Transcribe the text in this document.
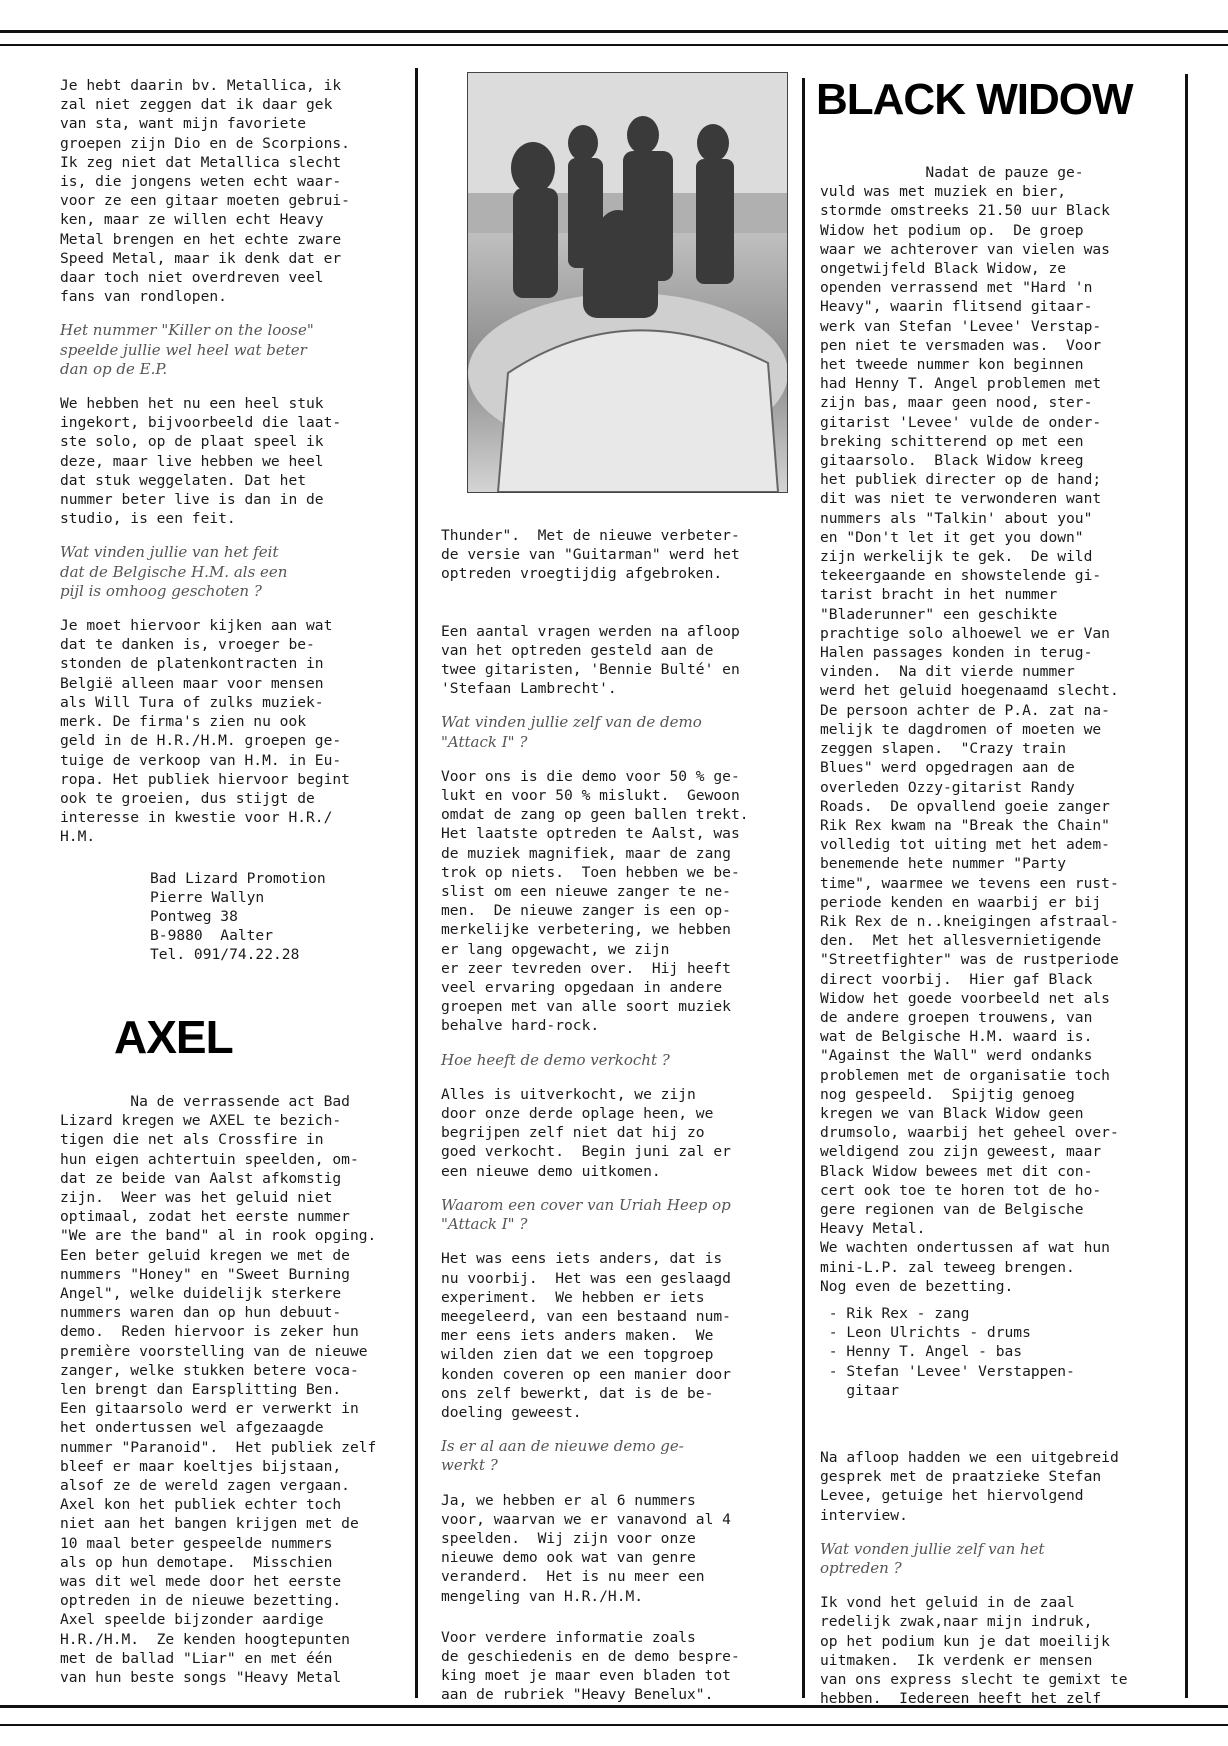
Je hebt daarin bv. Metallica, ik
zal niet zeggen dat ik daar gek
van sta, want mijn favoriete
groepen zijn Dio en de Scorpions.
Ik zeg niet dat Metallica slecht
is, die jongens weten echt waar-
voor ze een gitaar moeten gebrui-
ken, maar ze willen echt Heavy
Metal brengen en het echte zware
Speed Metal, maar ik denk dat er
daar toch niet overdreven veel
fans van rondlopen.

Het nummer "Killer on the loose"
speelde jullie wel heel wat beter
dan op de E.P.

We hebben het nu een heel stuk
ingekort, bijvoorbeeld die laat-
ste solo, op de plaat speel ik
deze, maar live hebben we heel
dat stuk weggelaten. Dat het
nummer beter live is dan in de
studio, is een feit.

Wat vinden jullie van het feit
dat de Belgische H.M. als een
pijl is omhoog geschoten ?

Je moet hiervoor kijken aan wat
dat te danken is, vroeger be-
stonden de platenkontracten in
België alleen maar voor mensen
als Will Tura of zulks muziek-
merk. De firma's zien nu ook
geld in de H.R./H.M. groepen ge-
tuige de verkoop van H.M. in Eu-
ropa. Het publiek hiervoor begint
ook te groeien, dus stijgt de
interesse in kwestie voor H.R./
H.M.

Bad Lizard Promotion

Pierre Wallyn

Pontweg 38

B-9880  Aalter

Tel. 091/74.22.28

AXEL

Na de verrassende act Bad
Lizard kregen we AXEL te bezich-
tigen die net als Crossfire in
hun eigen achtertuin speelden, om-
dat ze beide van Aalst afkomstig
zijn.  Weer was het geluid niet
optimaal, zodat het eerste nummer
"We are the band" al in rook opging.
Een beter geluid kregen we met de
nummers "Honey" en "Sweet Burning
Angel", welke duidelijk sterkere
nummers waren dan op hun debuut-
demo.  Reden hiervoor is zeker hun
première voorstelling van de nieuwe
zanger, welke stukken betere voca-
len brengt dan Earsplitting Ben.
Een gitaarsolo werd er verwerkt in
het ondertussen wel afgezaagde
nummer "Paranoid".  Het publiek zelf
bleef er maar koeltjes bijstaan,
alsof ze de wereld zagen vergaan.
Axel kon het publiek echter toch
niet aan het bangen krijgen met de
10 maal beter gespeelde nummers
als op hun demotape.  Misschien
was dit wel mede door het eerste
optreden in de nieuwe bezetting.
Axel speelde bijzonder aardige
H.R./H.M.  Ze kenden hoogtepunten
met de ballad "Liar" en met één
van hun beste songs "Heavy Metal

Thunder".  Met de nieuwe verbeter-
de versie van "Guitarman" werd het
optreden vroegtijdig afgebroken.

Een aantal vragen werden na afloop
van het optreden gesteld aan de
twee gitaristen, 'Bennie Bulté' en
'Stefaan Lambrecht'.

Wat vinden jullie zelf van de demo
"Attack I" ?

Voor ons is die demo voor 50 % ge-
lukt en voor 50 % mislukt.  Gewoon
omdat de zang op geen ballen trekt.
Het laatste optreden te Aalst, was
de muziek magnifiek, maar de zang
trok op niets.  Toen hebben we be-
slist om een nieuwe zanger te ne-
men.  De nieuwe zanger is een op-
merkelijke verbetering, we hebben
er lang opgewacht, we zijn
er zeer tevreden over.  Hij heeft
veel ervaring opgedaan in andere
groepen met van alle soort muziek
behalve hard-rock.

Hoe heeft de demo verkocht ?

Alles is uitverkocht, we zijn
door onze derde oplage heen, we
begrijpen zelf niet dat hij zo
goed verkocht.  Begin juni zal er
een nieuwe demo uitkomen.

Waarom een cover van Uriah Heep op
"Attack I" ?

Het was eens iets anders, dat is
nu voorbij.  Het was een geslaagd
experiment.  We hebben er iets
meegeleerd, van een bestaand num-
mer eens iets anders maken.  We
wilden zien dat we een topgroep
konden coveren op een manier door
ons zelf bewerkt, dat is de be-
doeling geweest.

Is er al aan de nieuwe demo ge-
werkt ?

Ja, we hebben er al 6 nummers
voor, waarvan we er vanavond al 4
speelden.  Wij zijn voor onze
nieuwe demo ook wat van genre
veranderd.  Het is nu meer een
mengeling van H.R./H.M.

Voor verdere informatie zoals
de geschiedenis en de demo bespre-
king moet je maar even bladen tot
aan de rubriek "Heavy Benelux".

BLACK WIDOW

Nadat de pauze ge-
vuld was met muziek en bier,
stormde omstreeks 21.50 uur Black
Widow het podium op.  De groep
waar we achterover van vielen was
ongetwijfeld Black Widow, ze
openden verrassend met "Hard 'n
Heavy", waarin flitsend gitaar-
werk van Stefan 'Levee' Verstap-
pen niet te versmaden was.  Voor
het tweede nummer kon beginnen
had Henny T. Angel problemen met
zijn bas, maar geen nood, ster-
gitarist 'Levee' vulde de onder-
breking schitterend op met een
gitaarsolo.  Black Widow kreeg
het publiek directer op de hand;
dit was niet te verwonderen want
nummers als "Talkin' about you"
en "Don't let it get you down"
zijn werkelijk te gek.  De wild
tekeergaande en showstelende gi-
tarist bracht in het nummer
"Bladerunner" een geschikte
prachtige solo alhoewel we er Van
Halen passages konden in terug-
vinden.  Na dit vierde nummer
werd het geluid hoegenaamd slecht.
De persoon achter de P.A. zat na-
melijk te dagdromen of moeten we
zeggen slapen.  "Crazy train
Blues" werd opgedragen aan de
overleden Ozzy-gitarist Randy
Roads.  De opvallend goeie zanger
Rik Rex kwam na "Break the Chain"
volledig tot uiting met het adem-
benemende hete nummer "Party
time", waarmee we tevens een rust-
periode kenden en waarbij er bij
Rik Rex de n..kneigingen afstraal-
den.  Met het allesvernietigende
"Streetfighter" was de rustperiode
direct voorbij.  Hier gaf Black
Widow het goede voorbeeld net als
de andere groepen trouwens, van
wat de Belgische H.M. waard is.
"Against the Wall" werd ondanks
problemen met de organisatie toch
nog gespeeld.  Spijtig genoeg
kregen we van Black Widow geen
drumsolo, waarbij het geheel over-
weldigend zou zijn geweest, maar
Black Widow bewees met dit con-
cert ook toe te horen tot de ho-
gere regionen van de Belgische
Heavy Metal.
We wachten ondertussen af wat hun
mini-L.P. zal teweeg brengen.
Nog even de bezetting.

- Rik Rex - zang

- Leon Ulrichts - drums

- Henny T. Angel - bas

- Stefan 'Levee' Verstappen-

gitaar

Na afloop hadden we een uitgebreid
gesprek met de praatzieke Stefan
Levee, getuige het hiervolgend
interview.

Wat vonden jullie zelf van het
optreden ?

Ik vond het geluid in de zaal
redelijk zwak,naar mijn indruk,
op het podium kun je dat moeilijk
uitmaken.  Ik verdenk er mensen
van ons express slecht te gemixt te
hebben.  Iedereen heeft het zelf
